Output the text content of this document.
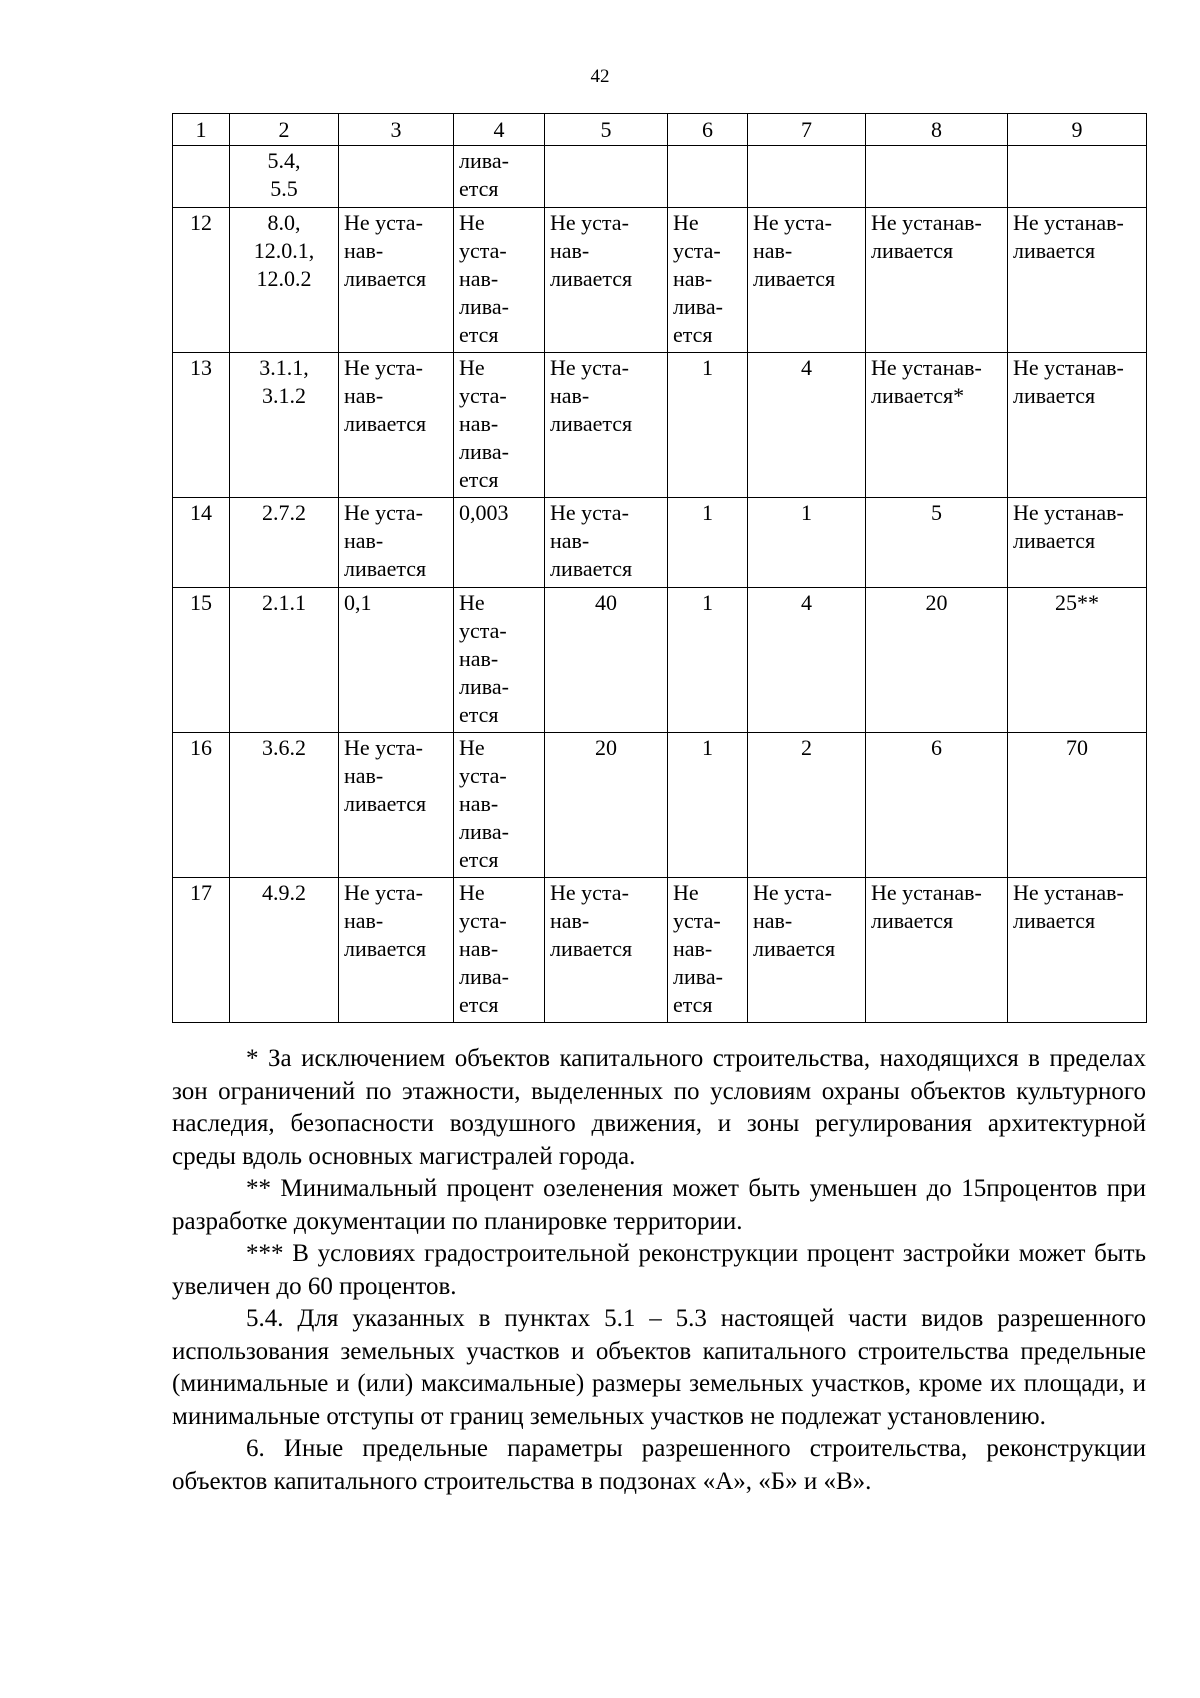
42
1	2	3	4	5	6	7	8	9
	5.4,
5.5		лива-
ется					
12	8.0,
12.0.1,
12.0.2	Не уста-
нав-
ливается	Не
уста-
нав-
лива-
ется	Не уста-
нав-
ливается	Не
уста-
нав-
лива-
ется	Не уста-
нав-
ливается	Не устанав-
ливается	Не устанав-
ливается
13	3.1.1,
3.1.2	Не уста-
нав-
ливается	Не
уста-
нав-
лива-
ется	Не уста-
нав-
ливается	1	4	Не устанав-
ливается*	Не устанав-
ливается
14	2.7.2	Не уста-
нав-
ливается	0,003	Не уста-
нав-
ливается	1	1	5	Не устанав-
ливается
15	2.1.1	0,1	Не
уста-
нав-
лива-
ется	40	1	4	20	25**
16	3.6.2	Не уста-
нав-
ливается	Не
уста-
нав-
лива-
ется	20	1	2	6	70
17	4.9.2	Не уста-
нав-
ливается	Не
уста-
нав-
лива-
ется	Не уста-
нав-
ливается	Не
уста-
нав-
лива-
ется	Не уста-
нав-
ливается	Не устанав-
ливается	Не устанав-
ливается

* За исключением объектов капитального строительства, находящихся в пределах зон ограничений по этажности, выделенных по условиям охраны объектов культурного наследия, безопасности воздушного движения, и зоны регулирования архитектурной среды вдоль основных магистралей города.

** Минимальный процент озеленения может быть уменьшен до 15процентов при разработке документации по планировке территории.

*** В условиях градостроительной реконструкции процент застройки может быть увеличен до 60 процентов.

5.4. Для указанных в пунктах 5.1 – 5.3 настоящей части видов разрешенного использования земельных участков и объектов капитального строительства предельные (минимальные и (или) максимальные) размеры земельных участков, кроме их площади, и минимальные отступы от границ земельных участков не подлежат установлению.

6. Иные предельные параметры разрешенного строительства, реконструкции объектов капитального строительства в подзонах «А», «Б» и «В».
